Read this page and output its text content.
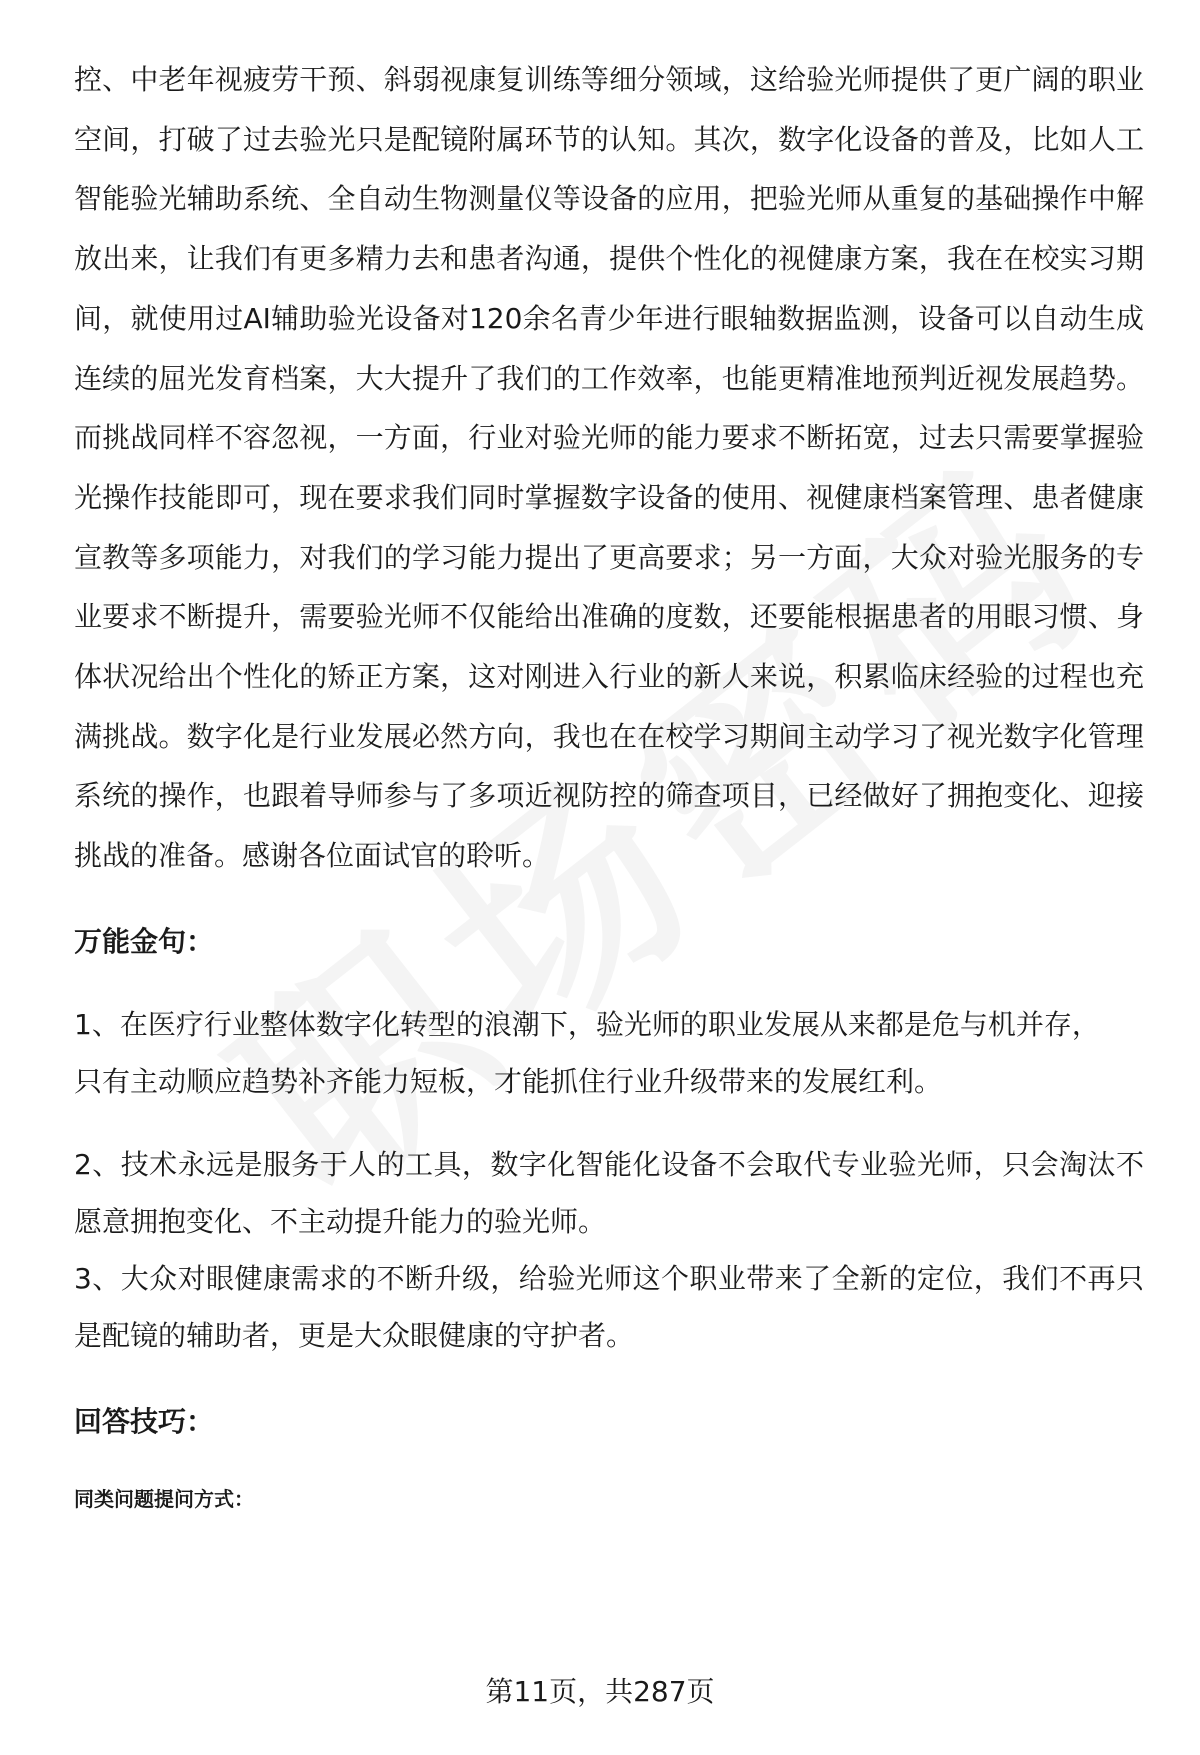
控、中老年视疲劳干预、斜弱视康复训练等细分领域，这给验光师提供了更广阔的职业空间，打破了过去验光只是配镜附属环节的认知。其次，数字化设备的普及，比如人工智能验光辅助系统、全自动生物测量仪等设备的应用，把验光师从重复的基础操作中解放出来，让我们有更多精力去和患者沟通，提供个性化的视健康方案，我在在校实习期间，就使用过AI辅助验光设备对120余名青少年进行眼轴数据监测，设备可以自动生成连续的屈光发育档案，大大提升了我们的工作效率，也能更精准地预判近视发展趋势。而挑战同样不容忽视，一方面，行业对验光师的能力要求不断拓宽，过去只需要掌握验光操作技能即可，现在要求我们同时掌握数字设备的使用、视健康档案管理、患者健康宣教等多项能力，对我们的学习能力提出了更高要求；另一方面，大众对验光服务的专业要求不断提升，需要验光师不仅能给出准确的度数，还要能根据患者的用眼习惯、身体状况给出个性化的矫正方案，这对刚进入行业的新人来说，积累临床经验的过程也充满挑战。数字化是行业发展必然方向，我也在在校学习期间主动学习了视光数字化管理系统的操作，也跟着导师参与了多项近视防控的筛查项目，已经做好了拥抱变化、迎接挑战的准备。感谢各位面试官的聆听。

万能金句：

1、在医疗行业整体数字化转型的浪潮下，验光师的职业发展从来都是危与机并存，只有主动顺应趋势补齐能力短板，才能抓住行业升级带来的发展红利。

2、技术永远是服务于人的工具，数字化智能化设备不会取代专业验光师，只会淘汰不愿意拥抱变化、不主动提升能力的验光师。

3、大众对眼健康需求的不断升级，给验光师这个职业带来了全新的定位，我们不再只是配镜的辅助者，更是大众眼健康的守护者。

回答技巧：

同类问题提问方式：

第11页，共287页
